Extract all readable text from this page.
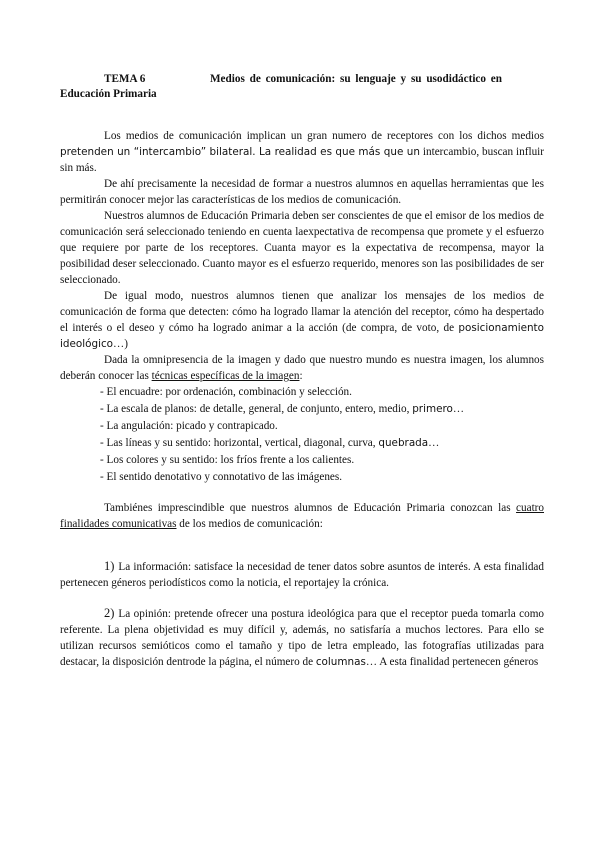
TEMA 6	Medios de comunicación: su lenguaje y su usodidáctico en
Educación Primaria

Los medios de comunicación implican un gran numero de receptores con los dichos medios pretenden un “intercambio” bilateral. La realidad es que más que un intercambio, buscan influir sin más.

De ahí precisamente la necesidad de formar a nuestros alumnos en aquellas herramientas que les permitirán conocer mejor las características de los medios de comunicación.

Nuestros alumnos de Educación Primaria deben ser conscientes de que el emisor de los medios de comunicación será seleccionado teniendo en cuenta laexpectativa de recompensa que promete y el esfuerzo que requiere por parte de los receptores. Cuanta mayor es la expectativa de recompensa, mayor la posibilidad deser seleccionado. Cuanto mayor es el esfuerzo requerido, menores son las posibilidades de ser seleccionado.

De igual modo, nuestros alumnos tienen que analizar los mensajes de los medios de comunicación de forma que detecten: cómo ha logrado llamar la atención del receptor, cómo ha despertado el interés o el deseo y cómo ha logrado animar a la acción (de compra, de voto, de posicionamiento ideológico…)

Dada la omnipresencia de la imagen y dado que nuestro mundo es nuestra imagen, los alumnos deberán conocer las técnicas específicas de la imagen:

- El encuadre: por ordenación, combinación y selección.
- La escala de planos: de detalle, general, de conjunto, entero, medio, primero…
- La angulación: picado y contrapicado.
- Las líneas y su sentido: horizontal, vertical, diagonal, curva, quebrada…
- Los colores y su sentido: los fríos frente a los calientes.
- El sentido denotativo y connotativo de las imágenes.

Tambiénes imprescindible que nuestros alumnos de Educación Primaria conozcan las cuatro finalidades comunicativas de los medios de comunicación:

1) La información: satisface la necesidad de tener datos sobre asuntos de interés. A esta finalidad pertenecen géneros periodísticos como la noticia, el reportajey la crónica.

2) La opinión: pretende ofrecer una postura ideológica para que el receptor pueda tomarla como referente. La plena objetividad es muy difícil y, además, no satisfaría a muchos lectores. Para ello se utilizan recursos semióticos como el tamaño y tipo de letra empleado, las fotografías utilizadas para destacar, la disposición dentrode la página, el número de columnas… A esta finalidad pertenecen géneros
